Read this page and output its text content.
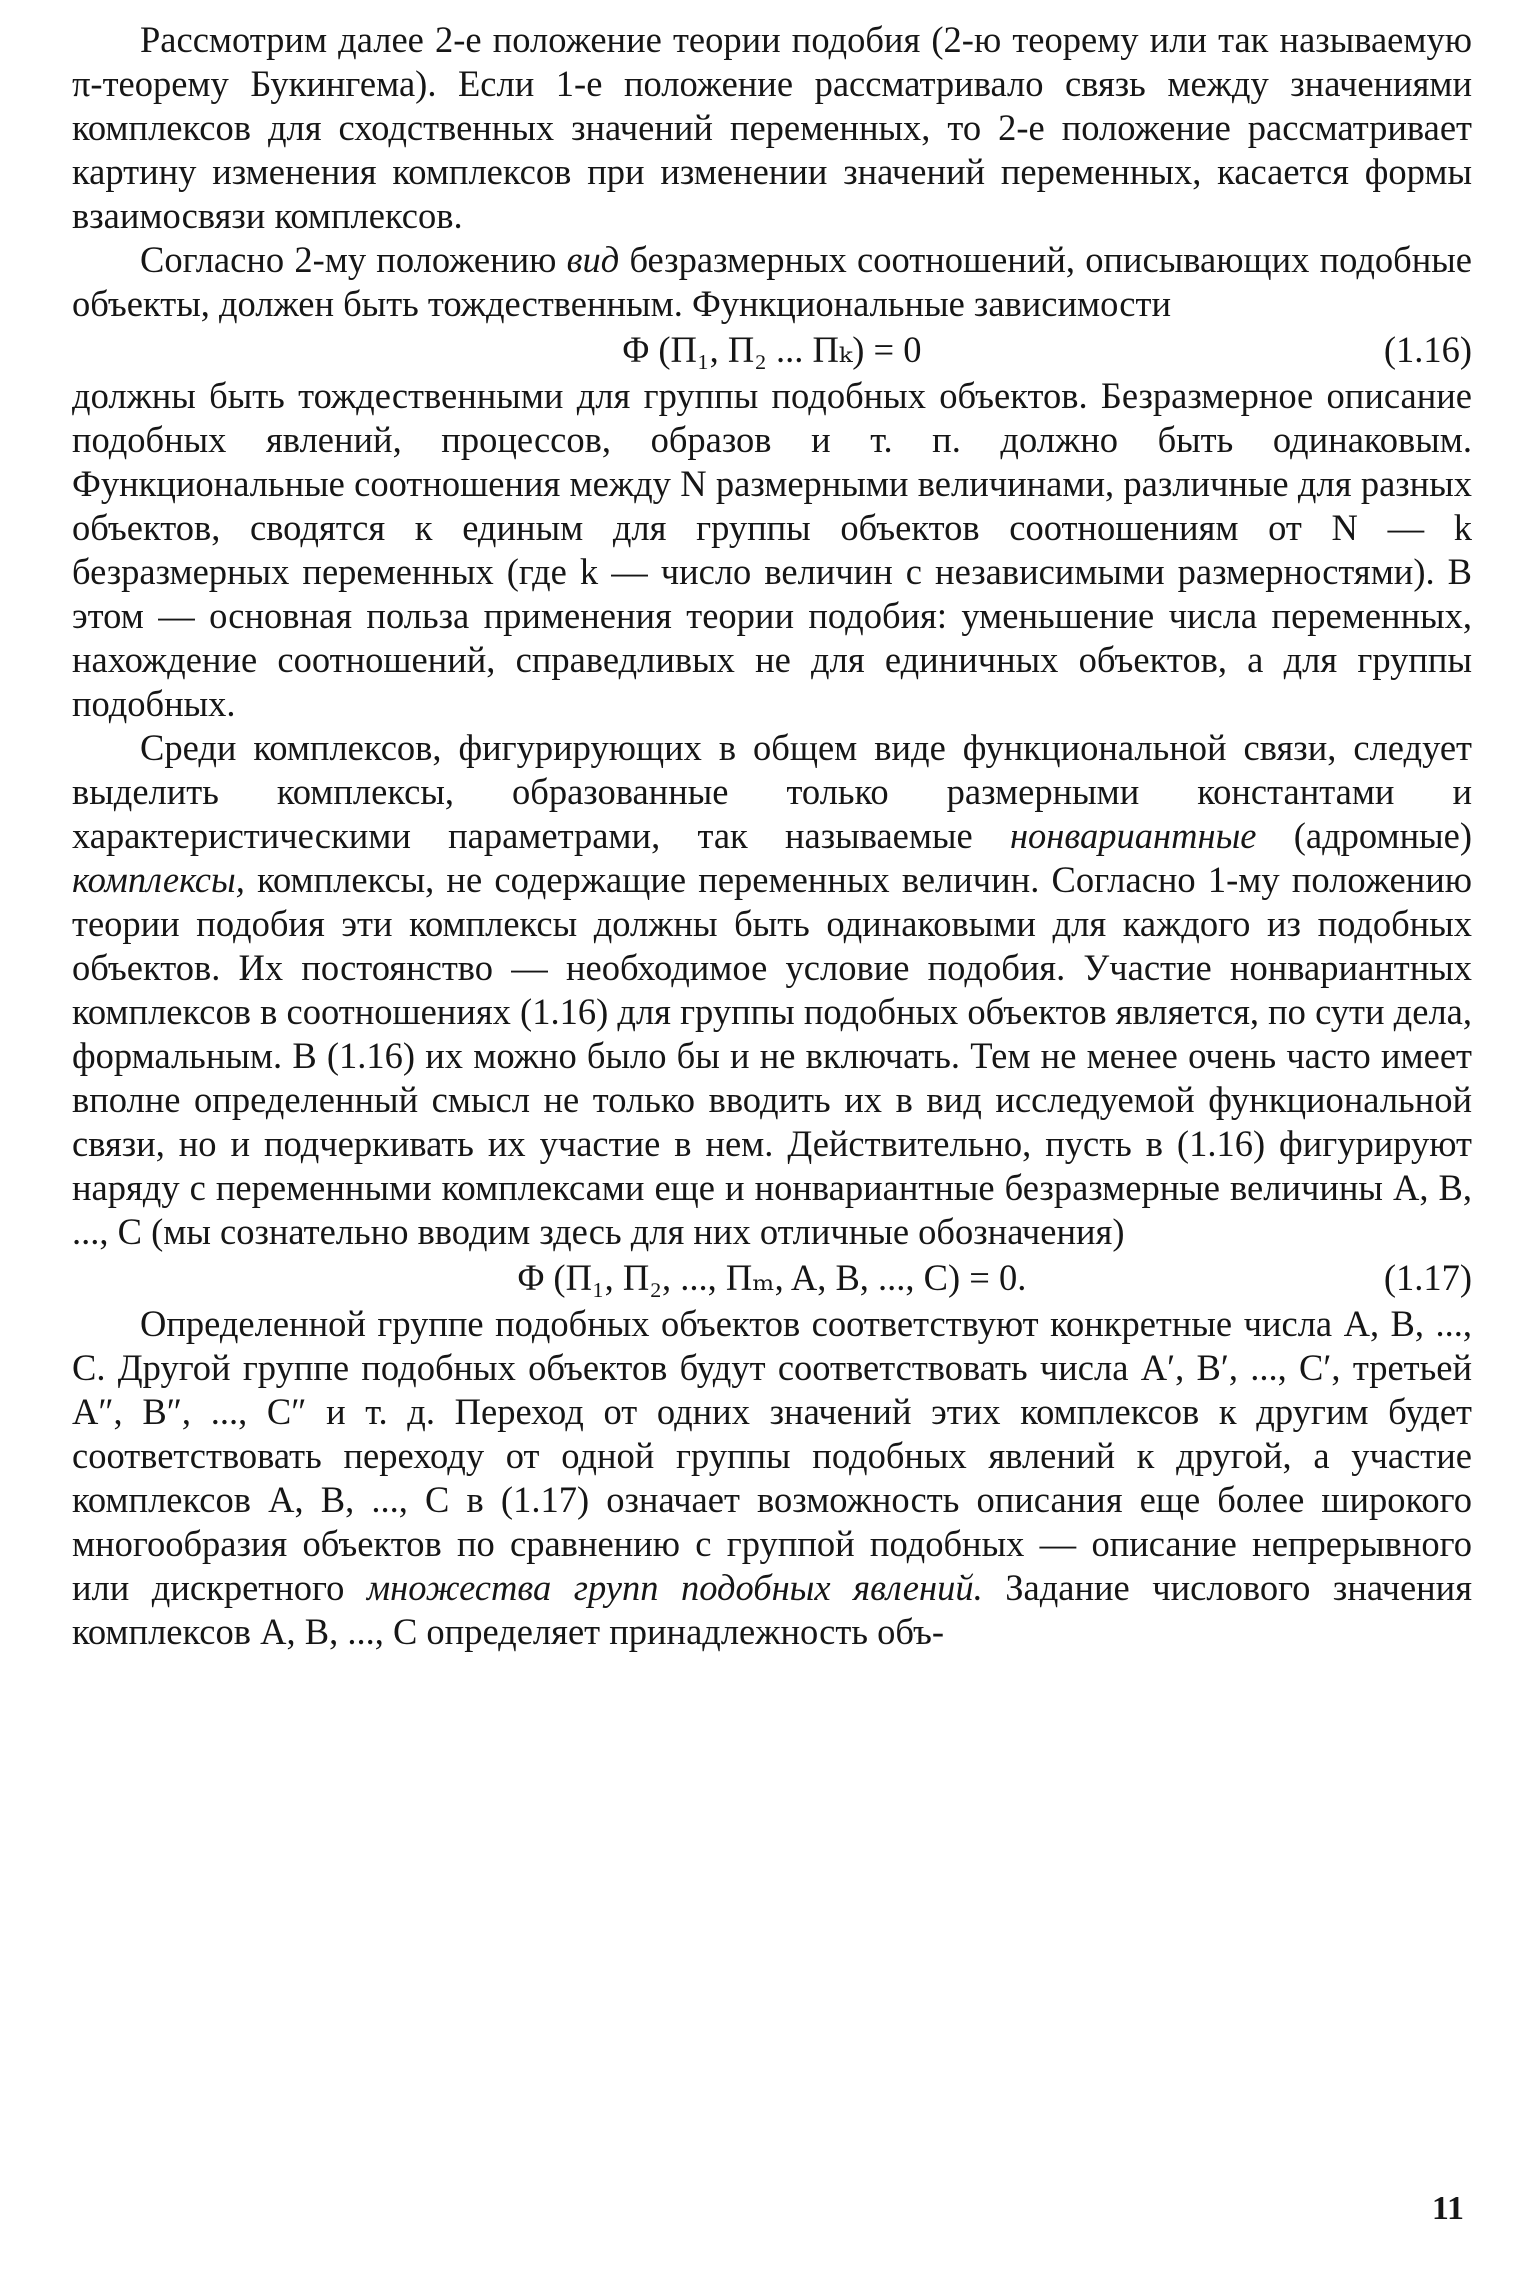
Рассмотрим далее 2-е положение теории подобия (2-ю теорему или так называемую π-теорему Букингема). Если 1-е положение рассматривало связь между значениями комплексов для сходственных значений переменных, то 2-е положение рассматривает картину изменения комплексов при изменении значений переменных, касается формы взаимосвязи комплексов.

Согласно 2-му положению вид безразмерных соотношений, описывающих подобные объекты, должен быть тождественным. Функциональные зависимости

Φ (Π₁, Π₂ ... Πₖ) = 0	(1.16)

должны быть тождественными для группы подобных объектов. Безразмерное описание подобных явлений, процессов, образов и т. п. должно быть одинаковым. Функциональные соотношения между N размерными величинами, различные для разных объектов, сводятся к единым для группы объектов соотношениям от N — k безразмерных переменных (где k — число величин с независимыми размерностями). В этом — основная польза применения теории подобия: уменьшение числа переменных, нахождение соотношений, справедливых не для единичных объектов, а для группы подобных.

Среди комплексов, фигурирующих в общем виде функциональной связи, следует выделить комплексы, образованные только размерными константами и характеристическими параметрами, так называемые нонвариантные (адромные) комплексы, комплексы, не содержащие переменных величин. Согласно 1-му положению теории подобия эти комплексы должны быть одинаковыми для каждого из подобных объектов. Их постоянство — необходимое условие подобия. Участие нонвариантных комплексов в соотношениях (1.16) для группы подобных объектов является, по сути дела, формальным. В (1.16) их можно было бы и не включать. Тем не менее очень часто имеет вполне определенный смысл не только вводить их в вид исследуемой функциональной связи, но и подчеркивать их участие в нем. Действительно, пусть в (1.16) фигурируют наряду с переменными комплексами еще и нонвариантные безразмерные величины A, B, ..., C (мы сознательно вводим здесь для них отличные обозначения)

Φ (Π₁, Π₂, ..., Πₘ, A, B, ..., C) = 0.	(1.17)

Определенной группе подобных объектов соответствуют конкретные числа A, B, ..., C. Другой группе подобных объектов будут соответствовать числа A′, B′, ..., C′, третьей A″, B″, ..., C″ и т. д. Переход от одних значений этих комплексов к другим будет соответствовать переходу от одной группы подобных явлений к другой, а участие комплексов A, B, ..., C в (1.17) означает возможность описания еще более широкого многообразия объектов по сравнению с группой подобных — описание непрерывного или дискретного множества групп подобных явлений. Задание числового значения комплексов A, B, ..., C определяет принадлежность объ-

11
